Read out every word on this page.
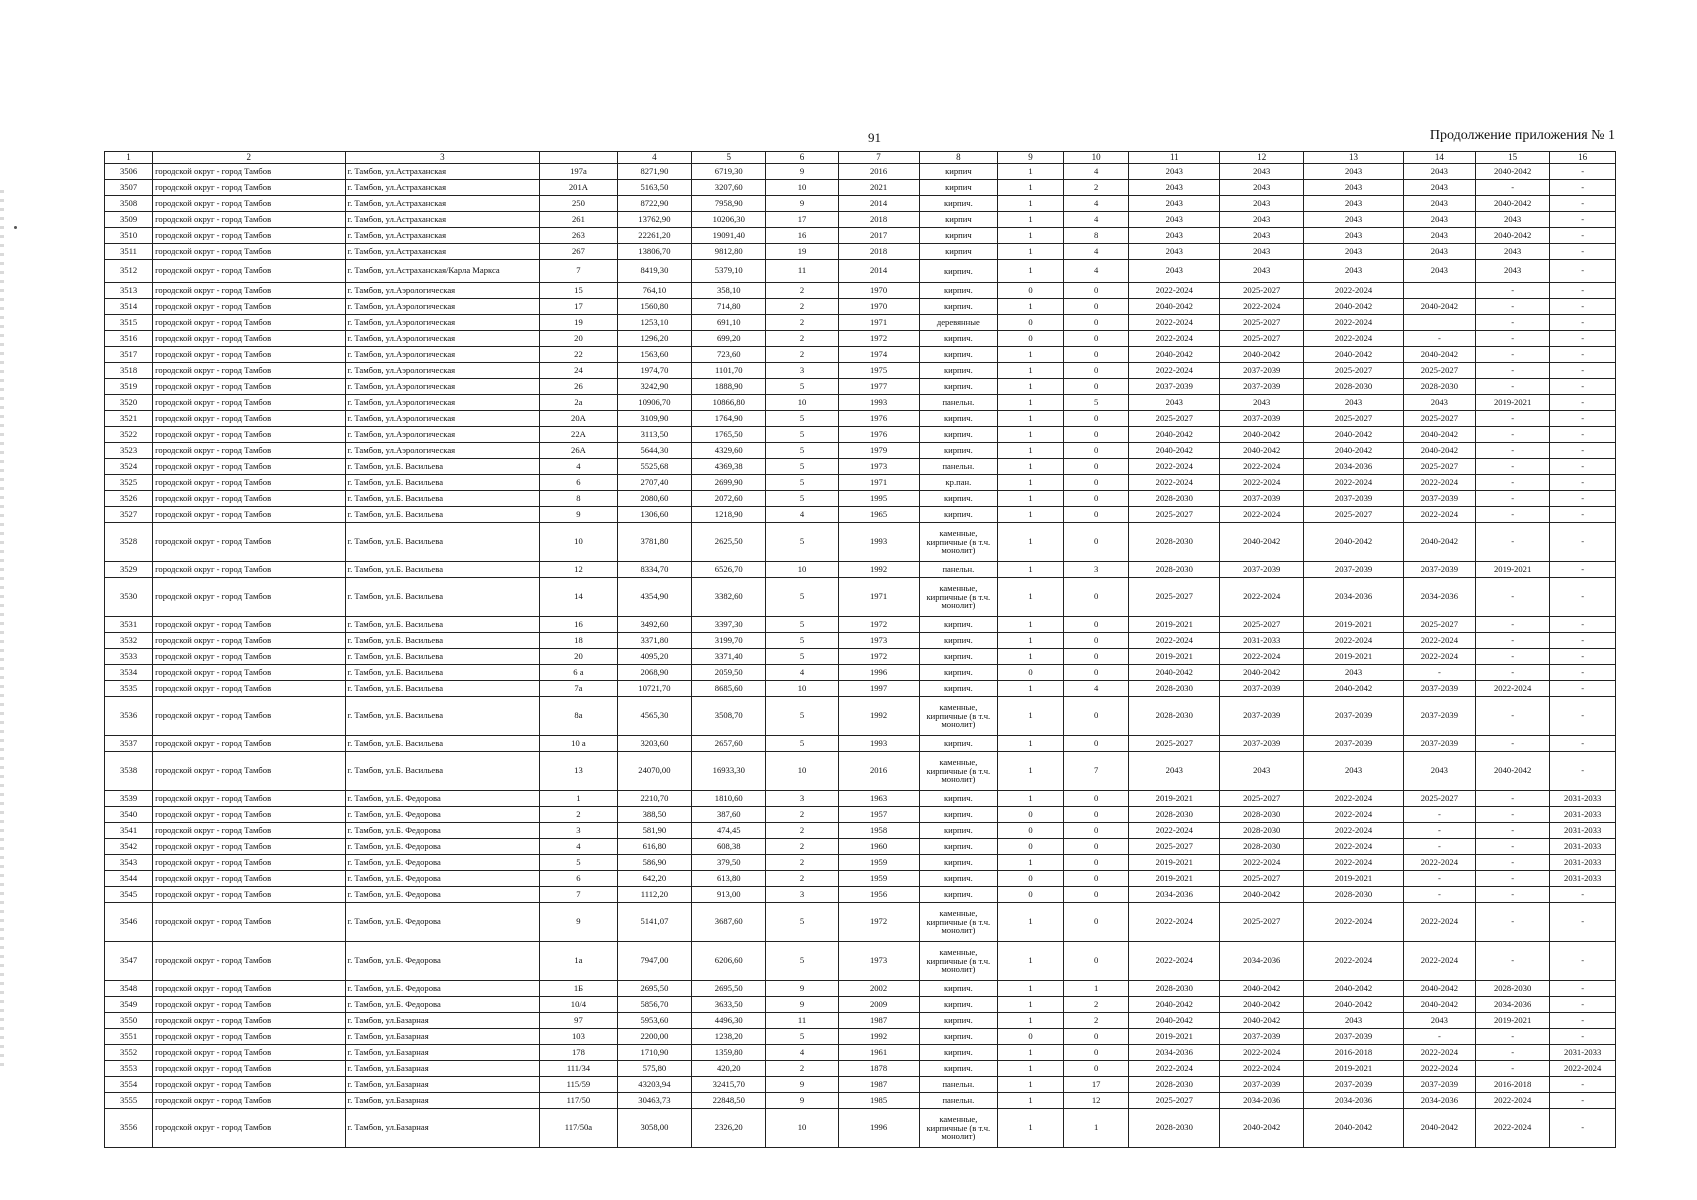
91	Продолжение приложения № 1
1	2	3		4	5	6	7	8	9	10	11	12	13	14	15	16
3506	городской округ - город Тамбов	г. Тамбов, ул.Астраханская	197а	8271,90	6719,30	9	2016	кирпич	1	4	2043	2043	2043	2043	2040-2042	-
3507	городской округ - город Тамбов	г. Тамбов, ул.Астраханская	201А	5163,50	3207,60	10	2021	кирпич	1	2	2043	2043	2043	2043	-	-
3508	городской округ - город Тамбов	г. Тамбов, ул.Астраханская	250	8722,90	7958,90	9	2014	кирпич.	1	4	2043	2043	2043	2043	2040-2042	-
3509	городской округ - город Тамбов	г. Тамбов, ул.Астраханская	261	13762,90	10206,30	17	2018	кирпич	1	4	2043	2043	2043	2043	2043	-
3510	городской округ - город Тамбов	г. Тамбов, ул.Астраханская	263	22261,20	19091,40	16	2017	кирпич	1	8	2043	2043	2043	2043	2040-2042	-
3511	городской округ - город Тамбов	г. Тамбов, ул.Астраханская	267	13806,70	9812,80	19	2018	кирпич	1	4	2043	2043	2043	2043	2043	-
3512	городской округ - город Тамбов	г. Тамбов, ул.Астраханская/Карла Маркса	7	8419,30	5379,10	11	2014	кирпич.	1	4	2043	2043	2043	2043	2043	-
3513	городской округ - город Тамбов	г. Тамбов, ул.Аэрологическая	15	764,10	358,10	2	1970	кирпич.	0	0	2022-2024	2025-2027	2022-2024		-	-
3514	городской округ - город Тамбов	г. Тамбов, ул.Аэрологическая	17	1560,80	714,80	2	1970	кирпич.	1	0	2040-2042	2022-2024	2040-2042	2040-2042	-	-
3515	городской округ - город Тамбов	г. Тамбов, ул.Аэрологическая	19	1253,10	691,10	2	1971	деревянные	0	0	2022-2024	2025-2027	2022-2024		-	-
3516	городской округ - город Тамбов	г. Тамбов, ул.Аэрологическая	20	1296,20	699,20	2	1972	кирпич.	0	0	2022-2024	2025-2027	2022-2024	-	-	-
3517	городской округ - город Тамбов	г. Тамбов, ул.Аэрологическая	22	1563,60	723,60	2	1974	кирпич.	1	0	2040-2042	2040-2042	2040-2042	2040-2042	-	-
3518	городской округ - город Тамбов	г. Тамбов, ул.Аэрологическая	24	1974,70	1101,70	3	1975	кирпич.	1	0	2022-2024	2037-2039	2025-2027	2025-2027	-	-
3519	городской округ - город Тамбов	г. Тамбов, ул.Аэрологическая	26	3242,90	1888,90	5	1977	кирпич.	1	0	2037-2039	2037-2039	2028-2030	2028-2030	-	-
3520	городской округ - город Тамбов	г. Тамбов, ул.Аэрологическая	2а	10906,70	10866,80	10	1993	панельн.	1	5	2043	2043	2043	2043	2019-2021	-
3521	городской округ - город Тамбов	г. Тамбов, ул.Аэрологическая	20А	3109,90	1764,90	5	1976	кирпич.	1	0	2025-2027	2037-2039	2025-2027	2025-2027	-	-
3522	городской округ - город Тамбов	г. Тамбов, ул.Аэрологическая	22А	3113,50	1765,50	5	1976	кирпич.	1	0	2040-2042	2040-2042	2040-2042	2040-2042	-	-
3523	городской округ - город Тамбов	г. Тамбов, ул.Аэрологическая	26А	5644,30	4329,60	5	1979	кирпич.	1	0	2040-2042	2040-2042	2040-2042	2040-2042	-	-
3524	городской округ - город Тамбов	г. Тамбов, ул.Б. Васильева	4	5525,68	4369,38	5	1973	панельн.	1	0	2022-2024	2022-2024	2034-2036	2025-2027	-	-
3525	городской округ - город Тамбов	г. Тамбов, ул.Б. Васильева	6	2707,40	2699,90	5	1971	кр.пан.	1	0	2022-2024	2022-2024	2022-2024	2022-2024	-	-
3526	городской округ - город Тамбов	г. Тамбов, ул.Б. Васильева	8	2080,60	2072,60	5	1995	кирпич.	1	0	2028-2030	2037-2039	2037-2039	2037-2039	-	-
3527	городской округ - город Тамбов	г. Тамбов, ул.Б. Васильева	9	1306,60	1218,90	4	1965	кирпич.	1	0	2025-2027	2022-2024	2025-2027	2022-2024	-	-
3528	городской округ - город Тамбов	г. Тамбов, ул.Б. Васильева	10	3781,80	2625,50	5	1993	каменные, кирпичные (в т.ч. монолит)	1	0	2028-2030	2040-2042	2040-2042	2040-2042	-	-
3529	городской округ - город Тамбов	г. Тамбов, ул.Б. Васильева	12	8334,70	6526,70	10	1992	панельн.	1	3	2028-2030	2037-2039	2037-2039	2037-2039	2019-2021	-
3530	городской округ - город Тамбов	г. Тамбов, ул.Б. Васильева	14	4354,90	3382,60	5	1971	каменные, кирпичные (в т.ч. монолит)	1	0	2025-2027	2022-2024	2034-2036	2034-2036	-	-
3531	городской округ - город Тамбов	г. Тамбов, ул.Б. Васильева	16	3492,60	3397,30	5	1972	кирпич.	1	0	2019-2021	2025-2027	2019-2021	2025-2027	-	-
3532	городской округ - город Тамбов	г. Тамбов, ул.Б. Васильева	18	3371,80	3199,70	5	1973	кирпич.	1	0	2022-2024	2031-2033	2022-2024	2022-2024	-	-
3533	городской округ - город Тамбов	г. Тамбов, ул.Б. Васильева	20	4095,20	3371,40	5	1972	кирпич.	1	0	2019-2021	2022-2024	2019-2021	2022-2024	-	-
3534	городской округ - город Тамбов	г. Тамбов, ул.Б. Васильева	6 а	2068,90	2059,50	4	1996	кирпич.	0	0	2040-2042	2040-2042	2043	-	-	-
3535	городской округ - город Тамбов	г. Тамбов, ул.Б. Васильева	7а	10721,70	8685,60	10	1997	кирпич.	1	4	2028-2030	2037-2039	2040-2042	2037-2039	2022-2024	-
3536	городской округ - город Тамбов	г. Тамбов, ул.Б. Васильева	8а	4565,30	3508,70	5	1992	каменные, кирпичные (в т.ч. монолит)	1	0	2028-2030	2037-2039	2037-2039	2037-2039	-	-
3537	городской округ - город Тамбов	г. Тамбов, ул.Б. Васильева	10 а	3203,60	2657,60	5	1993	кирпич.	1	0	2025-2027	2037-2039	2037-2039	2037-2039	-	-
3538	городской округ - город Тамбов	г. Тамбов, ул.Б. Васильева	13	24070,00	16933,30	10	2016	каменные, кирпичные (в т.ч. монолит)	1	7	2043	2043	2043	2043	2040-2042	-
3539	городской округ - город Тамбов	г. Тамбов, ул.Б. Федорова	1	2210,70	1810,60	3	1963	кирпич.	1	0	2019-2021	2025-2027	2022-2024	2025-2027	-	2031-2033
3540	городской округ - город Тамбов	г. Тамбов, ул.Б. Федорова	2	388,50	387,60	2	1957	кирпич.	0	0	2028-2030	2028-2030	2022-2024	-	-	2031-2033
3541	городской округ - город Тамбов	г. Тамбов, ул.Б. Федорова	3	581,90	474,45	2	1958	кирпич.	0	0	2022-2024	2028-2030	2022-2024	-	-	2031-2033
3542	городской округ - город Тамбов	г. Тамбов, ул.Б. Федорова	4	616,80	608,38	2	1960	кирпич.	0	0	2025-2027	2028-2030	2022-2024	-	-	2031-2033
3543	городской округ - город Тамбов	г. Тамбов, ул.Б. Федорова	5	586,90	379,50	2	1959	кирпич.	1	0	2019-2021	2022-2024	2022-2024	2022-2024	-	2031-2033
3544	городской округ - город Тамбов	г. Тамбов, ул.Б. Федорова	6	642,20	613,80	2	1959	кирпич.	0	0	2019-2021	2025-2027	2019-2021	-	-	2031-2033
3545	городской округ - город Тамбов	г. Тамбов, ул.Б. Федорова	7	1112,20	913,00	3	1956	кирпич.	0	0	2034-2036	2040-2042	2028-2030	-	-	-
3546	городской округ - город Тамбов	г. Тамбов, ул.Б. Федорова	9	5141,07	3687,60	5	1972	каменные, кирпичные (в т.ч. монолит)	1	0	2022-2024	2025-2027	2022-2024	2022-2024	-	-
3547	городской округ - город Тамбов	г. Тамбов, ул.Б. Федорова	1а	7947,00	6206,60	5	1973	каменные, кирпичные (в т.ч. монолит)	1	0	2022-2024	2034-2036	2022-2024	2022-2024	-	-
3548	городской округ - город Тамбов	г. Тамбов, ул.Б. Федорова	1Б	2695,50	2695,50	9	2002	кирпич.	1	1	2028-2030	2040-2042	2040-2042	2040-2042	2028-2030	-
3549	городской округ - город Тамбов	г. Тамбов, ул.Б. Федорова	10/4	5856,70	3633,50	9	2009	кирпич.	1	2	2040-2042	2040-2042	2040-2042	2040-2042	2034-2036	-
3550	городской округ - город Тамбов	г. Тамбов, ул.Базарная	97	5953,60	4496,30	11	1987	кирпич.	1	2	2040-2042	2040-2042	2043	2043	2019-2021	-
3551	городской округ - город Тамбов	г. Тамбов, ул.Базарная	103	2200,00	1238,20	5	1992	кирпич.	0	0	2019-2021	2037-2039	2037-2039	-	-	-
3552	городской округ - город Тамбов	г. Тамбов, ул.Базарная	178	1710,90	1359,80	4	1961	кирпич.	1	0	2034-2036	2022-2024	2016-2018	2022-2024	-	2031-2033
3553	городской округ - город Тамбов	г. Тамбов, ул.Базарная	111/34	575,80	420,20	2	1878	кирпич.	1	0	2022-2024	2022-2024	2019-2021	2022-2024	-	2022-2024
3554	городской округ - город Тамбов	г. Тамбов, ул.Базарная	115/59	43203,94	32415,70	9	1987	панельн.	1	17	2028-2030	2037-2039	2037-2039	2037-2039	2016-2018	-
3555	городской округ - город Тамбов	г. Тамбов, ул.Базарная	117/50	30463,73	22848,50	9	1985	панельн.	1	12	2025-2027	2034-2036	2034-2036	2034-2036	2022-2024	-
3556	городской округ - город Тамбов	г. Тамбов, ул.Базарная	117/50а	3058,00	2326,20	10	1996	каменные, кирпичные (в т.ч. монолит)	1	1	2028-2030	2040-2042	2040-2042	2040-2042	2022-2024	-
